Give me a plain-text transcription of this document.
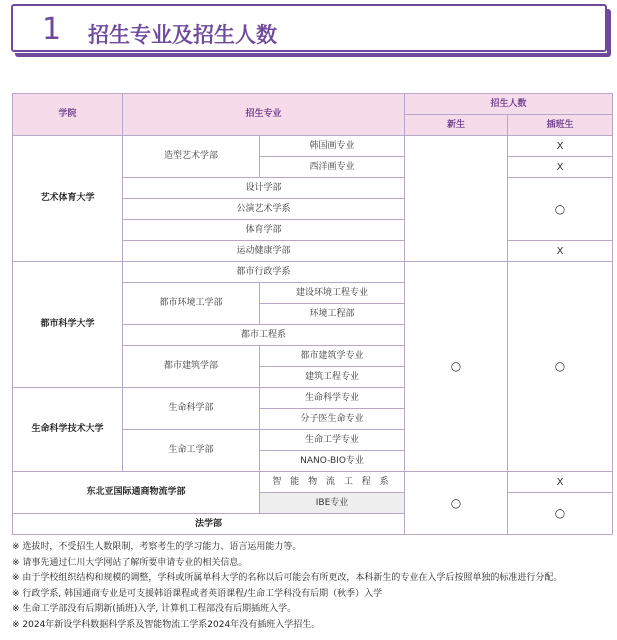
1 招生专业及招生人数
学院	招生专业		招生人数	
			新生	插班生
艺术体育大学	造型艺术学部	韩国画专业		X
		西洋画专业		X
	设计学部			○
	公演艺术学系			
	体育学部			
	运动健康学部			X
都市科学大学	都市行政学系		○	○
	都市环境工学部	建设环境工程专业		
		环境工程部		
	都市工程系			
	都市建筑学部	都市建筑学专业		
		建筑工程专业		
生命科学技术大学	生命科学部	生命科学专业		
		分子医生命专业		
	生命工学部	生命工学专业		
		NANO-BIO专业		
东北亚国际通商物流学部		智 能 物 流 工 程 系	○	X
		IBE专业		○
法学部				
※ 选拔时，不受招生人数限制，考察考生的学习能力、语言运用能力等。
※ 请事先通过仁川大学网站了解所要申请专业的相关信息。
※ 由于学校组织结构和规模的调整，学科或所属单科大学的名称以后可能会有所更改，本科新生的专业在入学后按照单独的标准进行分配。
※ 行政学系, 韩国通商专业是可支援韩语课程或者英语课程/生命工学科没有后期（秋季）入学
※ 生命工学部没有后期新(插班)入学, 计算机工程部没有后期插班入学。
※ 2024年新设学科数据科学系及智能物流工学系2024年没有插班入学招生。
